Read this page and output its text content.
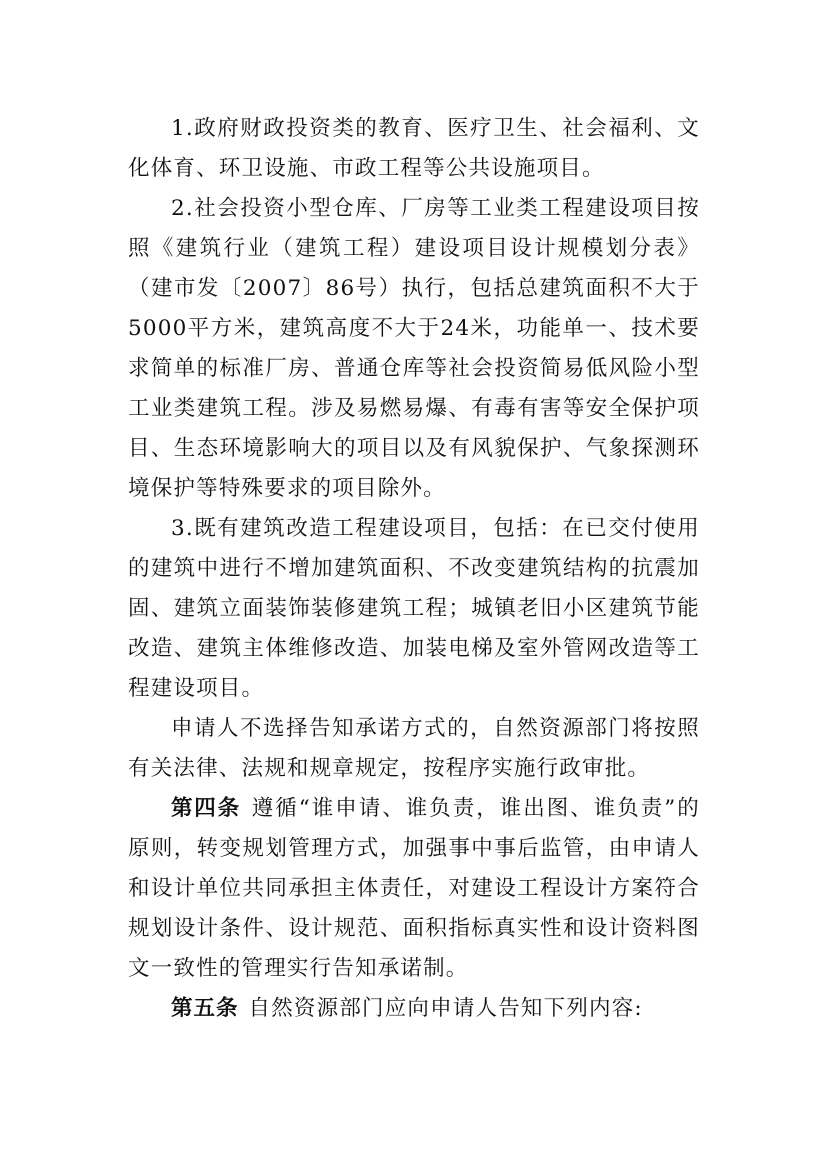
1.政府财政投资类的教育、医疗卫生、社会福利、文化体育、环卫设施、市政工程等公共设施项目。

2.社会投资小型仓库、厂房等工业类工程建设项目按照《建筑行业（建筑工程）建设项目设计规模划分表》（建市发〔2007〕86号）执行，包括总建筑面积不大于5000平方米，建筑高度不大于24米，功能单一、技术要求简单的标准厂房、普通仓库等社会投资简易低风险小型工业类建筑工程。涉及易燃易爆、有毒有害等安全保护项目、生态环境影响大的项目以及有风貌保护、气象探测环境保护等特殊要求的项目除外。

3.既有建筑改造工程建设项目，包括：在已交付使用的建筑中进行不增加建筑面积、不改变建筑结构的抗震加固、建筑立面装饰装修建筑工程；城镇老旧小区建筑节能改造、建筑主体维修改造、加装电梯及室外管网改造等工程建设项目。

申请人不选择告知承诺方式的，自然资源部门将按照有关法律、法规和规章规定，按程序实施行政审批。

第四条 遵循“谁申请、谁负责，谁出图、谁负责”的原则，转变规划管理方式，加强事中事后监管，由申请人和设计单位共同承担主体责任，对建设工程设计方案符合规划设计条件、设计规范、面积指标真实性和设计资料图文一致性的管理实行告知承诺制。

第五条 自然资源部门应向申请人告知下列内容:
